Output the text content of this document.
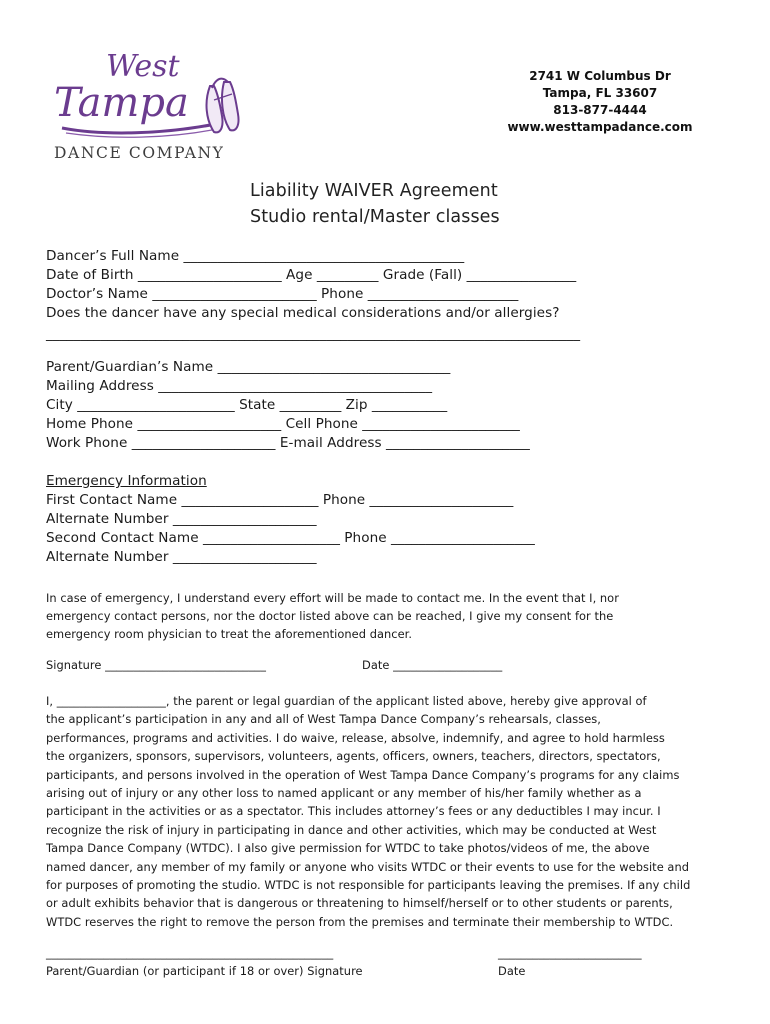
West
Tampa
DANCE COMPANY
2741 W Columbus Dr
Tampa, FL 33607
813-877-4444
www.westtampadance.com
Liability WAIVER Agreement
Studio rental/Master classes
Dancer’s Full Name _________________________________________
Date of Birth _____________________ Age _________ Grade (Fall) ________________
Doctor’s Name ________________________ Phone ______________________
Does the dancer have any special medical considerations and/or allergies?
______________________________________________________________________________
Parent/Guardian’s Name __________________________________
Mailing Address ________________________________________
City _______________________ State _________ Zip ___________
Home Phone _____________________ Cell Phone _______________________
Work Phone _____________________ E-mail Address _____________________
Emergency Information
First Contact Name ____________________ Phone _____________________
Alternate Number _____________________
Second Contact Name ____________________ Phone _____________________
Alternate Number _____________________
In case of emergency, I understand every effort will be made to contact me. In the event that I, nor
emergency contact persons, nor the doctor listed above can be reached, I give my consent for the
emergency room physician to treat the aforementioned dancer.
Signature ____________________________	Date ___________________
I, ___________________, the parent or legal guardian of the applicant listed above, hereby give approval of
the applicant’s participation in any and all of West Tampa Dance Company’s rehearsals, classes,
performances, programs and activities. I do waive, release, absolve, indemnify, and agree to hold harmless
the organizers, sponsors, supervisors, volunteers, agents, officers, owners, teachers, directors, spectators,
participants, and persons involved in the operation of West Tampa Dance Company’s programs for any claims
arising out of injury or any other loss to named applicant or any member of his/her family whether as a
participant in the activities or as a spectator. This includes attorney’s fees or any deductibles I may incur. I
recognize the risk of injury in participating in dance and other activities, which may be conducted at West
Tampa Dance Company (WTDC). I also give permission for WTDC to take photos/videos of me, the above
named dancer, any member of my family or anyone who visits WTDC or their events to use for the website and
for purposes of promoting the studio. WTDC is not responsible for participants leaving the premises. If any child
or adult exhibits behavior that is dangerous or threatening to himself/herself or to other students or parents,
WTDC reserves the right to remove the person from the premises and terminate their membership to WTDC.
__________________________________________________
Parent/Guardian (or participant if 18 or over) Signature
_________________________
Date
